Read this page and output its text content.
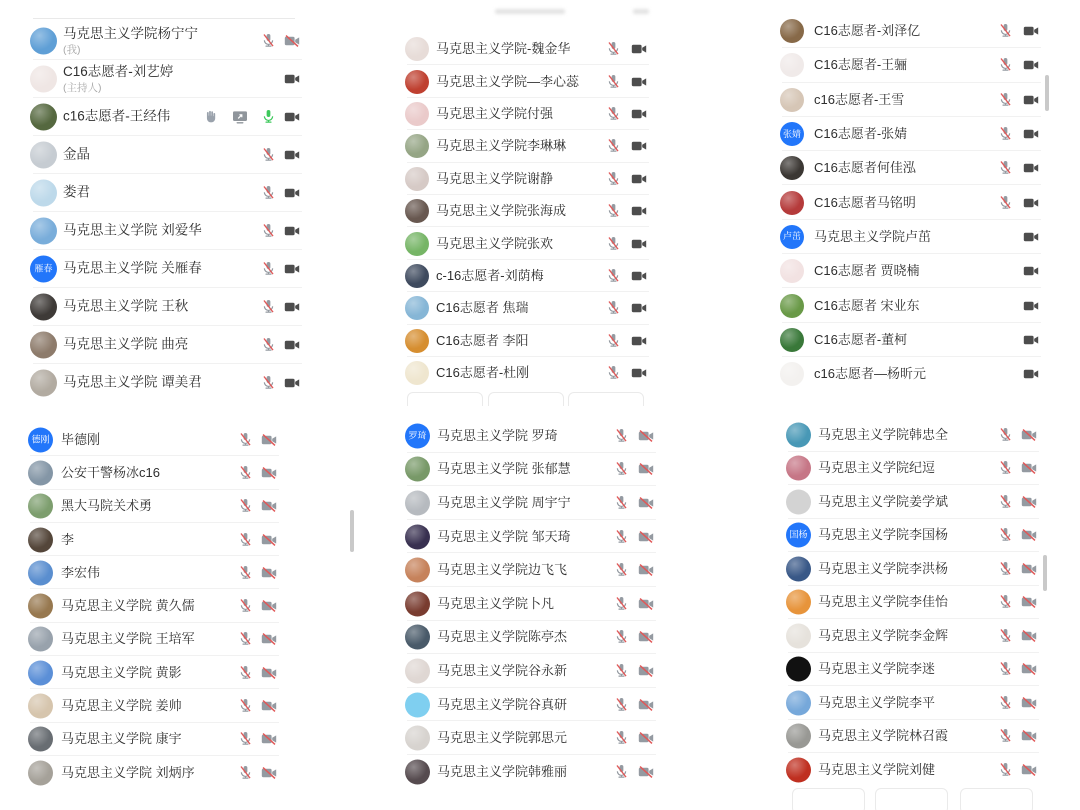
马克思主义学院杨宁宁
(我)
C16志愿者-刘艺婷
(主持人)
c16志愿者-王经伟
金晶
娄君
马克思主义学院 刘爱华
雁春 马克思主义学院 关雁春
马克思主义学院 王秋
马克思主义学院 曲亮
马克思主义学院 谭美君
德刚 毕德刚
公安干警杨冰c16
黑大马院关术勇
李
李宏伟
马克思主义学院 黄久儒
马克思主义学院 王培军
马克思主义学院 黄影
马克思主义学院 姜帅
马克思主义学院 康宇
马克思主义学院 刘炳序
马克思主义学院-魏金华
马克思主义学院—李心蕊
马克思主义学院付强
马克思主义学院李琳琳
马克思主义学院谢静
马克思主义学院张海成
马克思主义学院张欢
c-16志愿者-刘荫梅
C16志愿者 焦瑞
C16志愿者 李阳
C16志愿者-杜刚
罗琦 马克思主义学院 罗琦
马克思主义学院 张郁慧
马克思主义学院 周宇宁
马克思主义学院 邹天琦
马克思主义学院边飞飞
马克思主义学院卜凡
马克思主义学院陈亭杰
马克思主义学院谷永新
马克思主义学院谷真研
马克思主义学院郭思元
马克思主义学院韩雅丽
C16志愿者-刘泽亿
C16志愿者-王骊
c16志愿者-王雪
张婧 C16志愿者-张婧
C16志愿者何佳泓
C16志愿者马铭明
卢茁 马克思主义学院卢茁
C16志愿者 贾晓楠
C16志愿者 宋业东
C16志愿者-董柯
c16志愿者—杨昕元
马克思主义学院韩忠全
马克思主义学院纪逗
马克思主义学院姜学斌
国杨 马克思主义学院李国杨
马克思主义学院李洪杨
马克思主义学院李佳怡
马克思主义学院李金辉
马克思主义学院李迷
马克思主义学院李平
马克思主义学院林召霞
马克思主义学院刘健
